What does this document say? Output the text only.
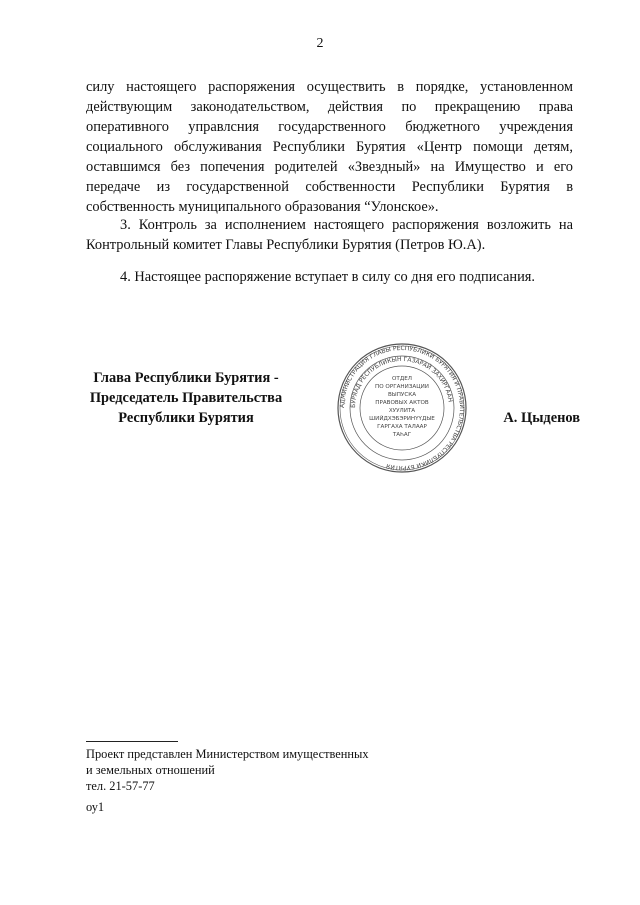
2
силу настоящего распоряжения осуществить в порядке, установленном действующим законодательством, действия по прекращению права оперативного управлсния государственного бюджетного учреждения социального обслуживания Республики Бурятия «Центр помощи детям, оставшимся без попечения родителей «Звездный» на Имущество и его передаче из государственной собственности Республики Бурятия в собственность муниципального образования “Улонское».
3. Контроль за исполнением настоящего распоряжения возложить на Контрольный комитет Главы Республики Бурятия (Петров Ю.А).
4. Настоящее распоряжение вступает в силу со дня его подписания.
Глава Республики Бурятия -
Председатель Правительства
Республики Бурятия
АДМИНИСТРАЦИЯ ГЛАВЫ РЕСПУБЛИКИ БУРЯТИЯ И ПРАВИТЕЛЬСТВА РЕСПУБЛИКИ БУРЯТИЯ
БУРЯАД РЕСПУБЛИКЫН ГАЗАРАЙ ЗАХИРГААН
ОТДЕЛ
ПО ОРГАНИЗАЦИИ
ВЫПУСКА
ПРАВОВЫХ АКТОВ
ХУУЛИТА
ШИЙДХЭБЭРИНҮҮДЫЕ
ГАРГАХА ТАЛААР
ТАҺАГ
А. Цыденов
Проект представлен Министерством имущественных
и земельных отношений
тел. 21-57-77
оу1
